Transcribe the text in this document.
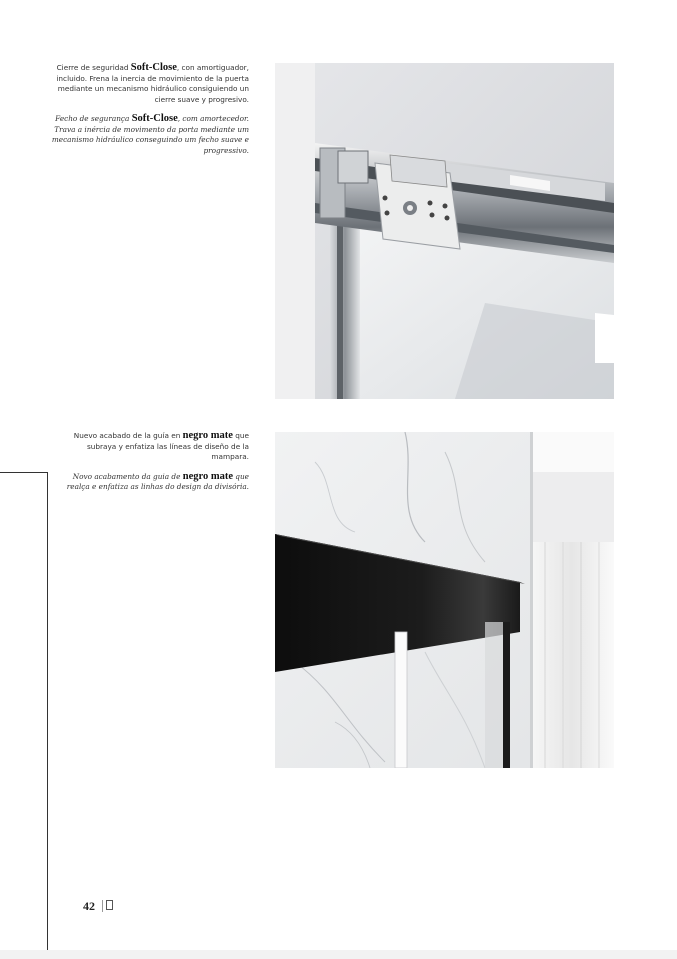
Cierre de seguridad Soft-Close, con amortiguador, incluido. Frena la inercia de movimiento de la puerta mediante un mecanismo hidráulico consiguiendo un cierre suave y progresivo.

Fecho de segurança Soft-Close, com amortecedor. Trava a inércia de movimento da porta mediante um mecanismo hidráulico conseguindo um fecho suave e progressivo.

Nuevo acabado de la guía en negro mate que subraya y enfatiza las líneas de diseño de la mampara.

Novo acabamento da guia de negro mate que realça e enfatiza as linhas do design da divisória.

42
